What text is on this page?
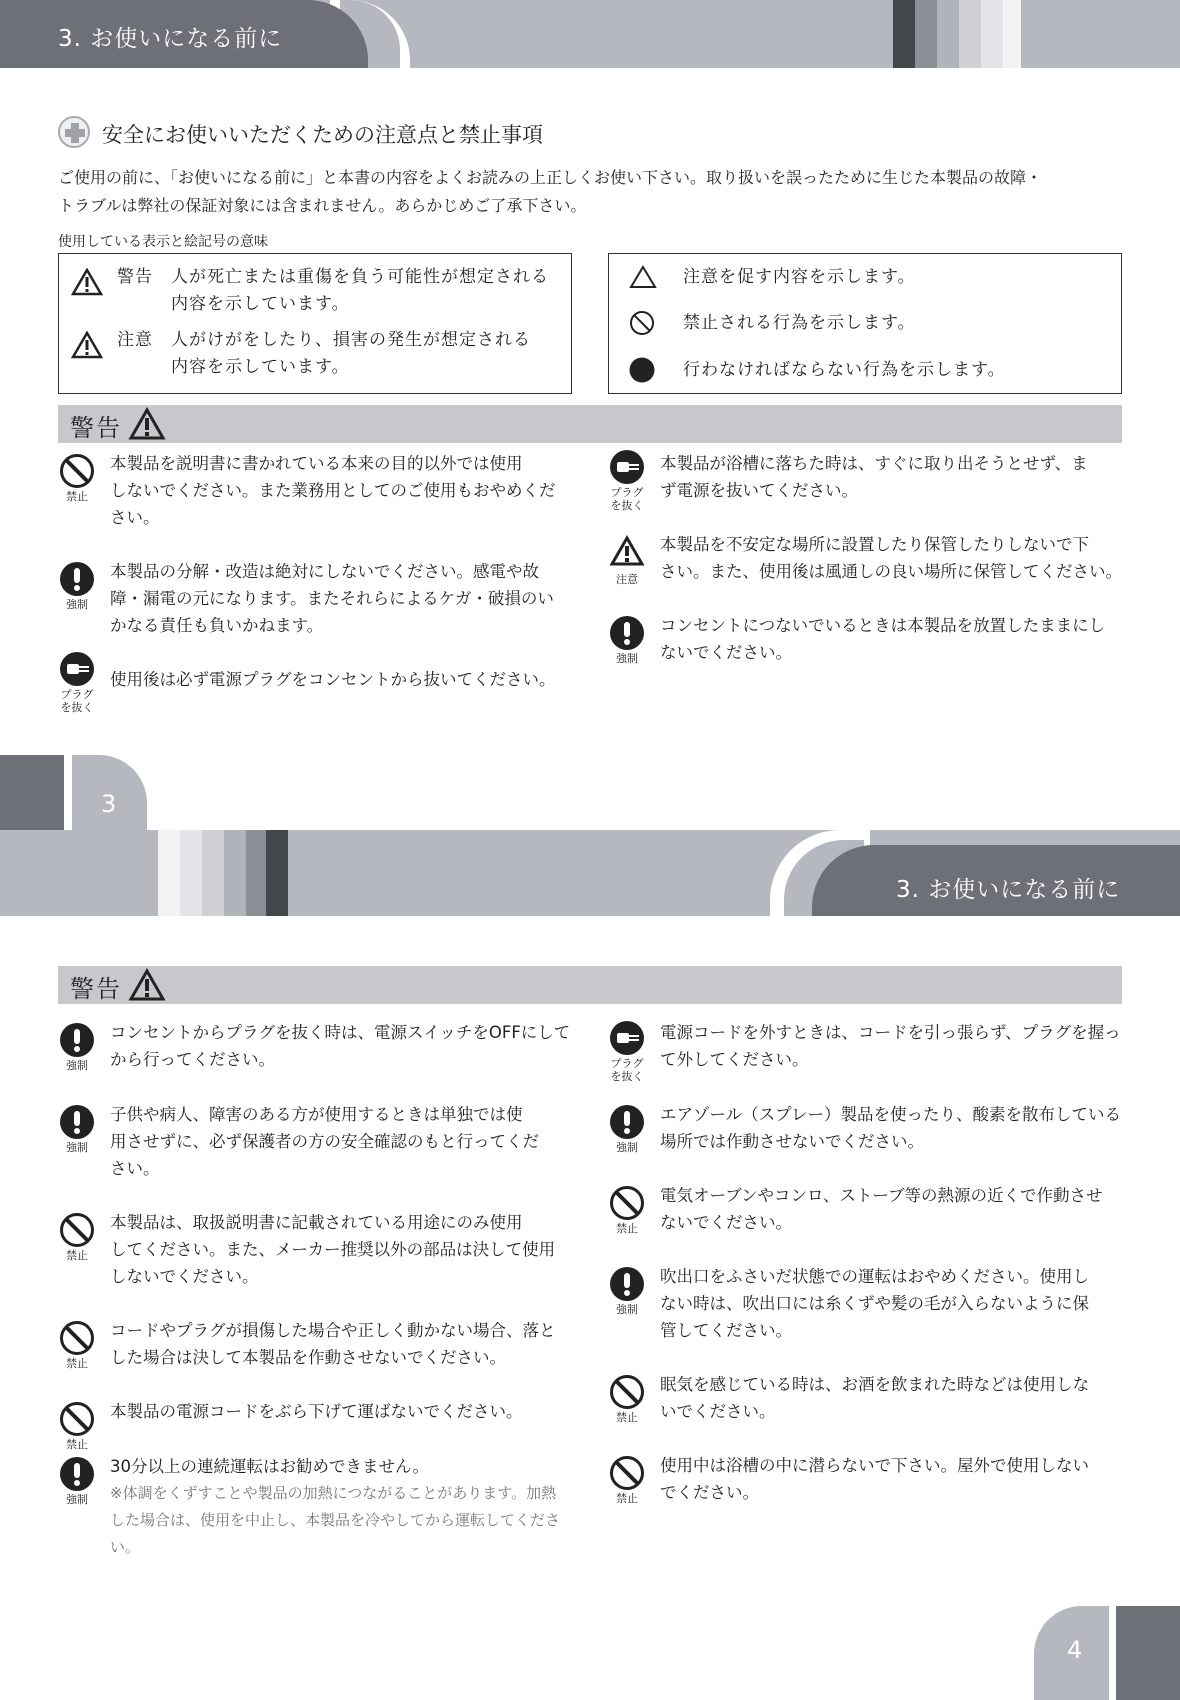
3. お使いになる前に
安全にお使いいただくための注意点と禁止事項
ご使用の前に、「お使いになる前に」と本書の内容をよくお読みの上正しくお使い下さい。取り扱いを誤ったために生じた本製品の故障・
トラブルは弊社の保証対象には含まれません。あらかじめご了承下さい。
使用している表示と絵記号の意味
警告	人が死亡または重傷を負う可能性が想定される
内容を示しています。
注意	人がけがをしたり、損害の発生が想定される
内容を示しています。
注意を促す内容を示します。
禁止される行為を示します。
行わなければならない行為を示します。
警告
禁止
本製品を説明書に書かれている本来の目的以外では使用
しないでください。また業務用としてのご使用もおやめくだ
さい。
強制
本製品の分解・改造は絶対にしないでください。感電や故
障・漏電の元になります。またそれらによるケガ・破損のい
かなる責任も負いかねます。
プラグ
を抜く
使用後は必ず電源プラグをコンセントから抜いてください。
プラグ
を抜く
本製品が浴槽に落ちた時は、すぐに取り出そうとせず、ま
ず電源を抜いてください。
注意
本製品を不安定な場所に設置したり保管したりしないで下
さい。また、使用後は風通しの良い場所に保管してください。
強制
コンセントにつないでいるときは本製品を放置したままにし
ないでください。
3
3. お使いになる前に
警告
強制
コンセントからプラグを抜く時は、電源スイッチをOFFにして
から行ってください。
強制
子供や病人、障害のある方が使用するときは単独では使
用させずに、必ず保護者の方の安全確認のもと行ってくだ
さい。
禁止
本製品は、取扱説明書に記載されている用途にのみ使用
してください。また、メーカー推奨以外の部品は決して使用
しないでください。
禁止
コードやプラグが損傷した場合や正しく動かない場合、落と
した場合は決して本製品を作動させないでください。
禁止
本製品の電源コードをぶら下げて運ばないでください。
強制
30分以上の連続運転はお勧めできません。
※体調をくずすことや製品の加熱につながることがあります。加熱
した場合は、使用を中止し、本製品を冷やしてから運転してくださ
い。
プラグ
を抜く
電源コードを外すときは、コードを引っ張らず、プラグを握っ
て外してください。
強制
エアゾール（スプレー）製品を使ったり、酸素を散布している
場所では作動させないでください。
禁止
電気オーブンやコンロ、ストーブ等の熱源の近くで作動させ
ないでください。
強制
吹出口をふさいだ状態での運転はおやめください。使用し
ない時は、吹出口には糸くずや髪の毛が入らないように保
管してください。
禁止
眠気を感じている時は、お酒を飲まれた時などは使用しな
いでください。
禁止
使用中は浴槽の中に潜らないで下さい。屋外で使用しない
でください。
4
